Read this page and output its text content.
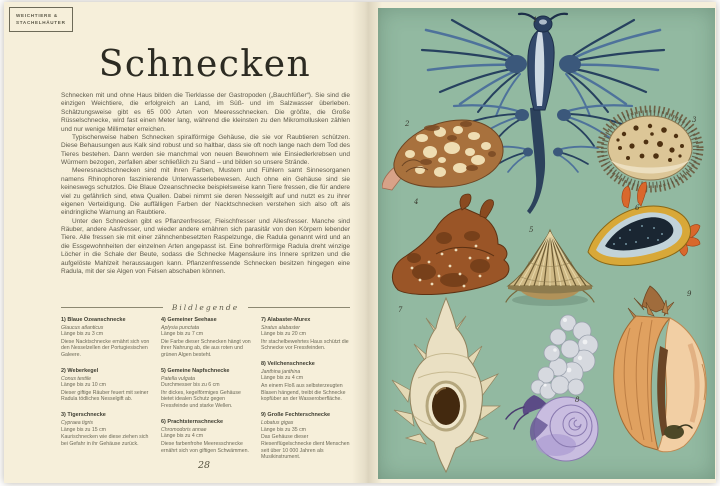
WEICHTIERE &
STACHELHÄUTER
Schnecken

Schnecken mit und ohne Haus bilden die Tierklasse der Gastropoden („Bauchfüßer“). Sie sind die einzigen Weichtiere, die erfolgreich an Land, im Süß- und im Salzwasser überleben. Schätzungsweise gibt es 65 000 Arten von Meeresschnecken. Die größte, die Große Rüsselschnecke, wird fast einen Meter lang, während die kleinsten zu den Mikromollusken zählen und nur wenige Millimeter erreichen.

Typischerweise haben Schnecken spiralförmige Gehäuse, die sie vor Raubtieren schützen. Diese Behausungen aus Kalk sind robust und so haltbar, dass sie oft noch lange nach dem Tod des Tieres bestehen. Dann werden sie manchmal von neuen Bewohnern wie Einsiedlerkrebsen und Würmern bezogen, zerfallen aber schließlich zu Sand – und bilden so unsere Strände.

Meeresnacktschnecken sind mit ihren Farben, Mustern und Fühlern samt Sinnesorganen namens Rhinophoren faszinierende Unterwasserlebewesen. Auch ohne ein Gehäuse sind sie keineswegs schutzlos. Die Blaue Ozeanschnecke beispielsweise kann Tiere fressen, die für andere viel zu gefährlich sind, etwa Quallen. Dabei nimmt sie deren Nesselgift auf und nutzt es zu ihrer eigenen Verteidigung. Die auffälligen Farben der Nacktschnecken verstehen sich also oft als eindringliche Warnung an Raubtiere.

Unter den Schnecken gibt es Pflanzenfresser, Fleischfresser und Allesfresser. Manche sind Räuber, andere Aasfresser, und wieder andere ernähren sich parasitär von den Körpern lebender Tiere. Alle fressen sie mit einer zähnchenbesetzten Raspelzunge, die Radula genannt wird und an die Essgewohnheiten der einzelnen Arten angepasst ist. Eine bohrerförmige Radula dreht winzige Löcher in die Schale der Beute, sodass die Schnecke Magensäure ins Innere spritzen und die aufgelöste Mahlzeit heraussaugen kann. Pflanzenfressende Schnecken besitzen hingegen eine Radula, mit der sie Algen von Felsen abschaben können.

Bildlegende
1) Blaue Ozeanschnecke
Glaucus atlanticus
Länge bis zu 3 cm
Diese Nacktschnecke ernährt sich von den Nesselzellen der Portugiesischen Galeere.
2) Weberkegel
Conus textile
Länge bis zu 10 cm
Dieser giftige Räuber feuert mit seiner Radula tödliches Nesselgift ab.
3) Tigerschnecke
Cypraea tigris
Länge bis zu 15 cm
Kaurischnecken wie diese ziehen sich bei Gefahr in ihr Gehäuse zurück.
4) Gemeiner Seehase
Aplysia punctata
Länge bis zu 7 cm
Die Farbe dieser Schnecken hängt von ihrer Nahrung ab, die aus roten und grünen Algen besteht.
5) Gemeine Napfschnecke
Patella vulgata
Durchmesser bis zu 6 cm
Ihr dickes, kegelförmiges Gehäuse bietet idealen Schutz gegen Fressfeinde und starke Wellen.
6) Prachtsternschnecke
Chromodoris annae
Länge bis zu 4 cm
Diese farbenfrohe Meeresschnecke ernährt sich von giftigen Schwämmen.
7) Alabaster-Murex
Siratus alabaster
Länge bis zu 20 cm
Ihr stachelbewehrtes Haus schützt die Schnecke vor Fressfeinden.
8) Veilchenschnecke
Janthina janthina
Länge bis zu 4 cm
An einem Floß aus selbsterzeugten Blasen hängend, treibt die Schnecke kopfüber an der Wasseroberfläche.
9) Große Fechterschnecke
Lobatus gigas
Länge bis zu 35 cm
Das Gehäuse dieser Riesenflügelschnecke dient Menschen seit über 10 000 Jahren als Musikinstrument.
28
1
2	3
4
5
6
7
8
9
